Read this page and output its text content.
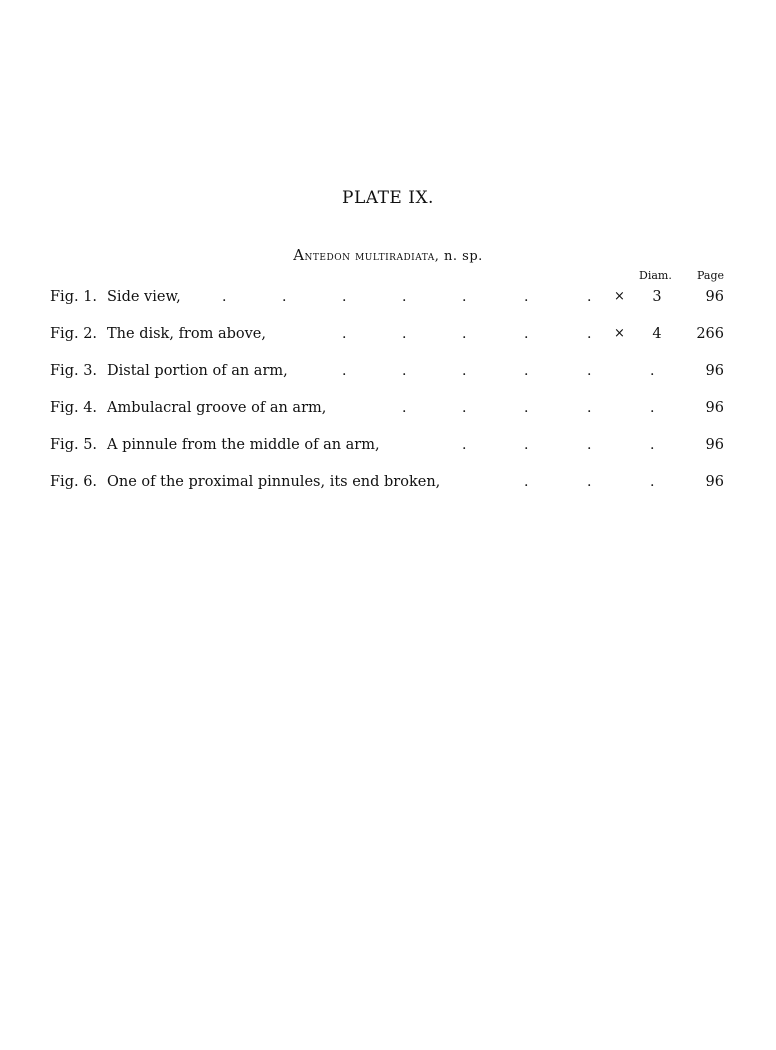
PLATE IX.
Antedon multiradiata, n. sp.
Diam. Page
Fig. 1. Side view,	.	.	.	.	.	.	. × 3	96
Fig. 2. The disk, from above,	.	.	.	.	. × 4 266
Fig. 3. Distal portion of an arm,	.	.	.	.	.	.	96
Fig. 4. Ambulacral groove of an arm,	.	.	.	.	.	96
Fig. 5. A pinnule from the middle of an arm,	.	.	.	.	96
Fig. 6. One of the proximal pinnules, its end broken,	.	.	.	96
